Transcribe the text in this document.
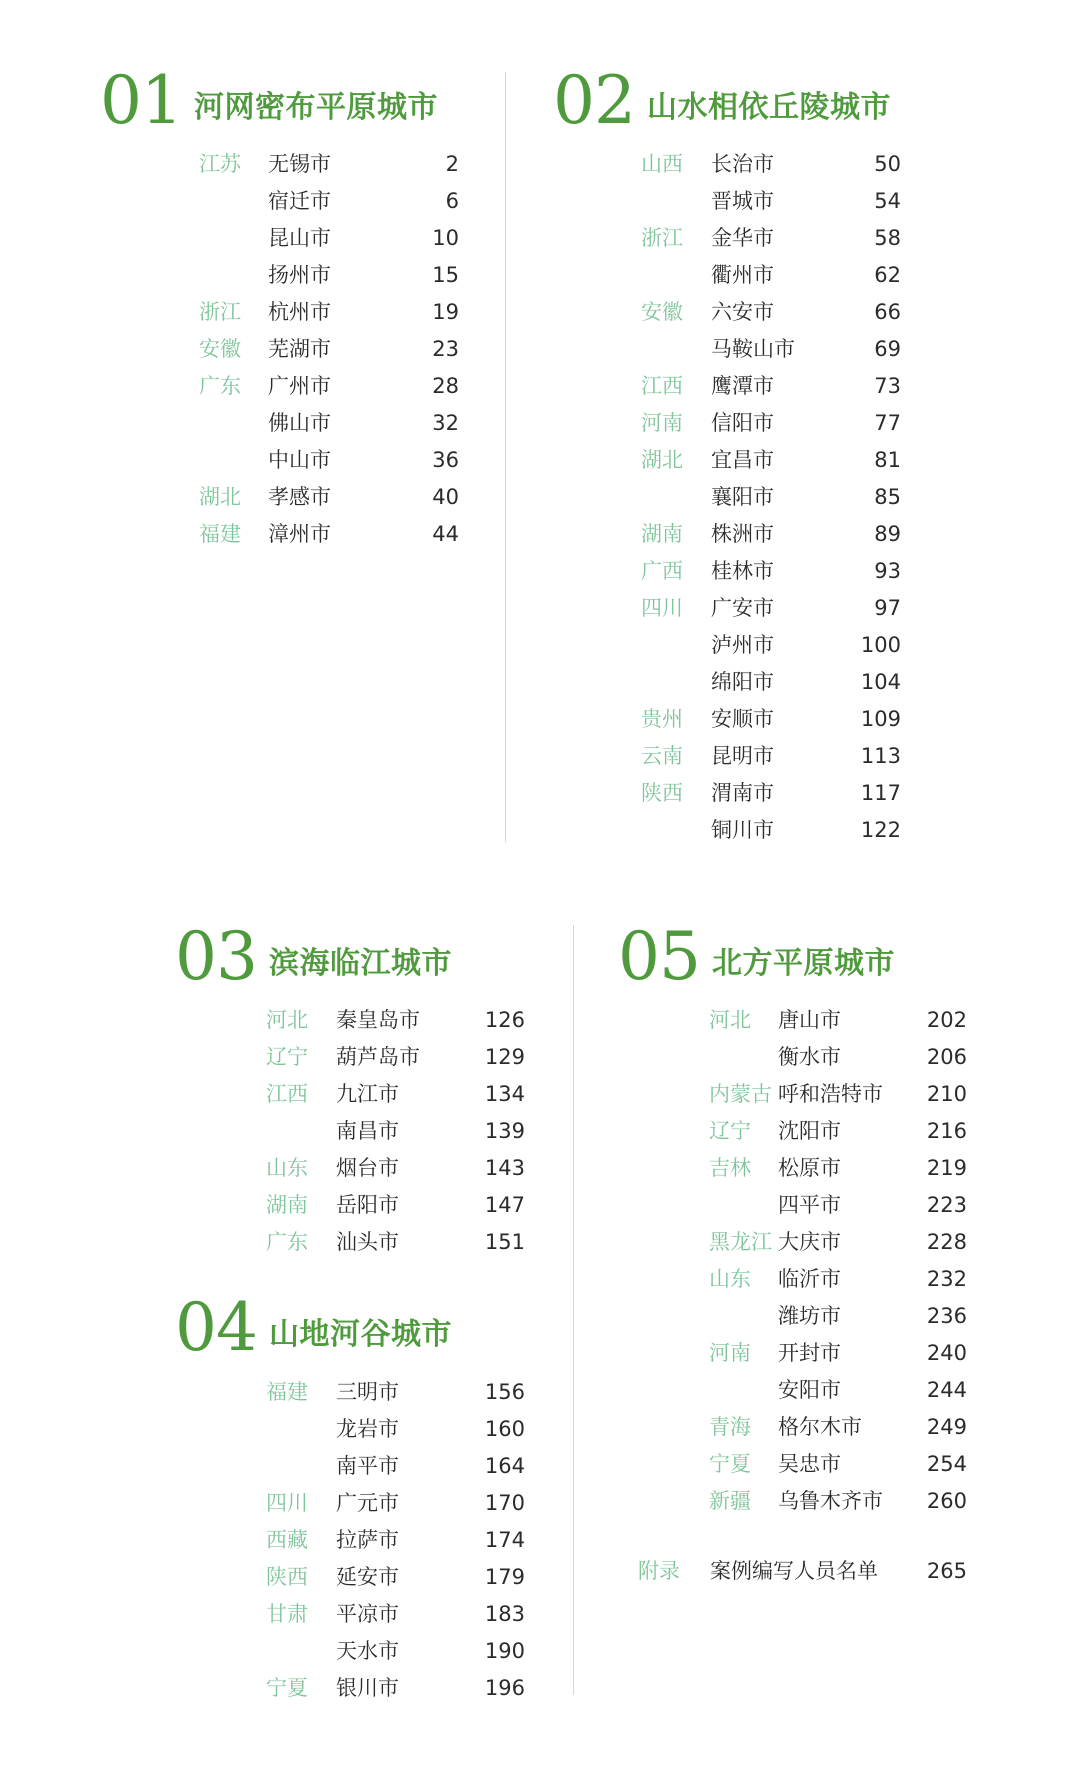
01 河网密布平原城市
江苏 无锡市	2
宿迁市	6
昆山市	10
扬州市	15
浙江 杭州市	19
安徽 芜湖市	23
广东 广州市	28
佛山市	32
中山市	36
湖北 孝感市	40
福建 漳州市	44
02 山水相依丘陵城市
山西 长治市	50
晋城市	54
浙江 金华市	58
衢州市	62
安徽 六安市	66
马鞍山市	69
江西 鹰潭市	73
河南 信阳市	77
湖北 宜昌市	81
襄阳市	85
湖南 株洲市	89
广西 桂林市	93
四川 广安市	97
泸州市	100
绵阳市	104
贵州 安顺市	109
云南 昆明市	113
陕西 渭南市	117
铜川市	122
03 滨海临江城市
河北 秦皇岛市	126
辽宁 葫芦岛市	129
江西 九江市	134
南昌市	139
山东 烟台市	143
湖南 岳阳市	147
广东 汕头市	151
04 山地河谷城市
福建 三明市	156
龙岩市	160
南平市	164
四川 广元市	170
西藏 拉萨市	174
陕西 延安市	179
甘肃 平凉市	183
天水市	190
宁夏 银川市	196
05 北方平原城市
河北 唐山市	202
衡水市	206
内蒙古 呼和浩特市 210
辽宁 沈阳市	216
吉林 松原市	219
四平市	223
黑龙江 大庆市	228
山东 临沂市	232
潍坊市	236
河南 开封市	240
安阳市	244
青海 格尔木市	249
宁夏 吴忠市	254
新疆 乌鲁木齐市 260
附录 案例编写人员名单 265
